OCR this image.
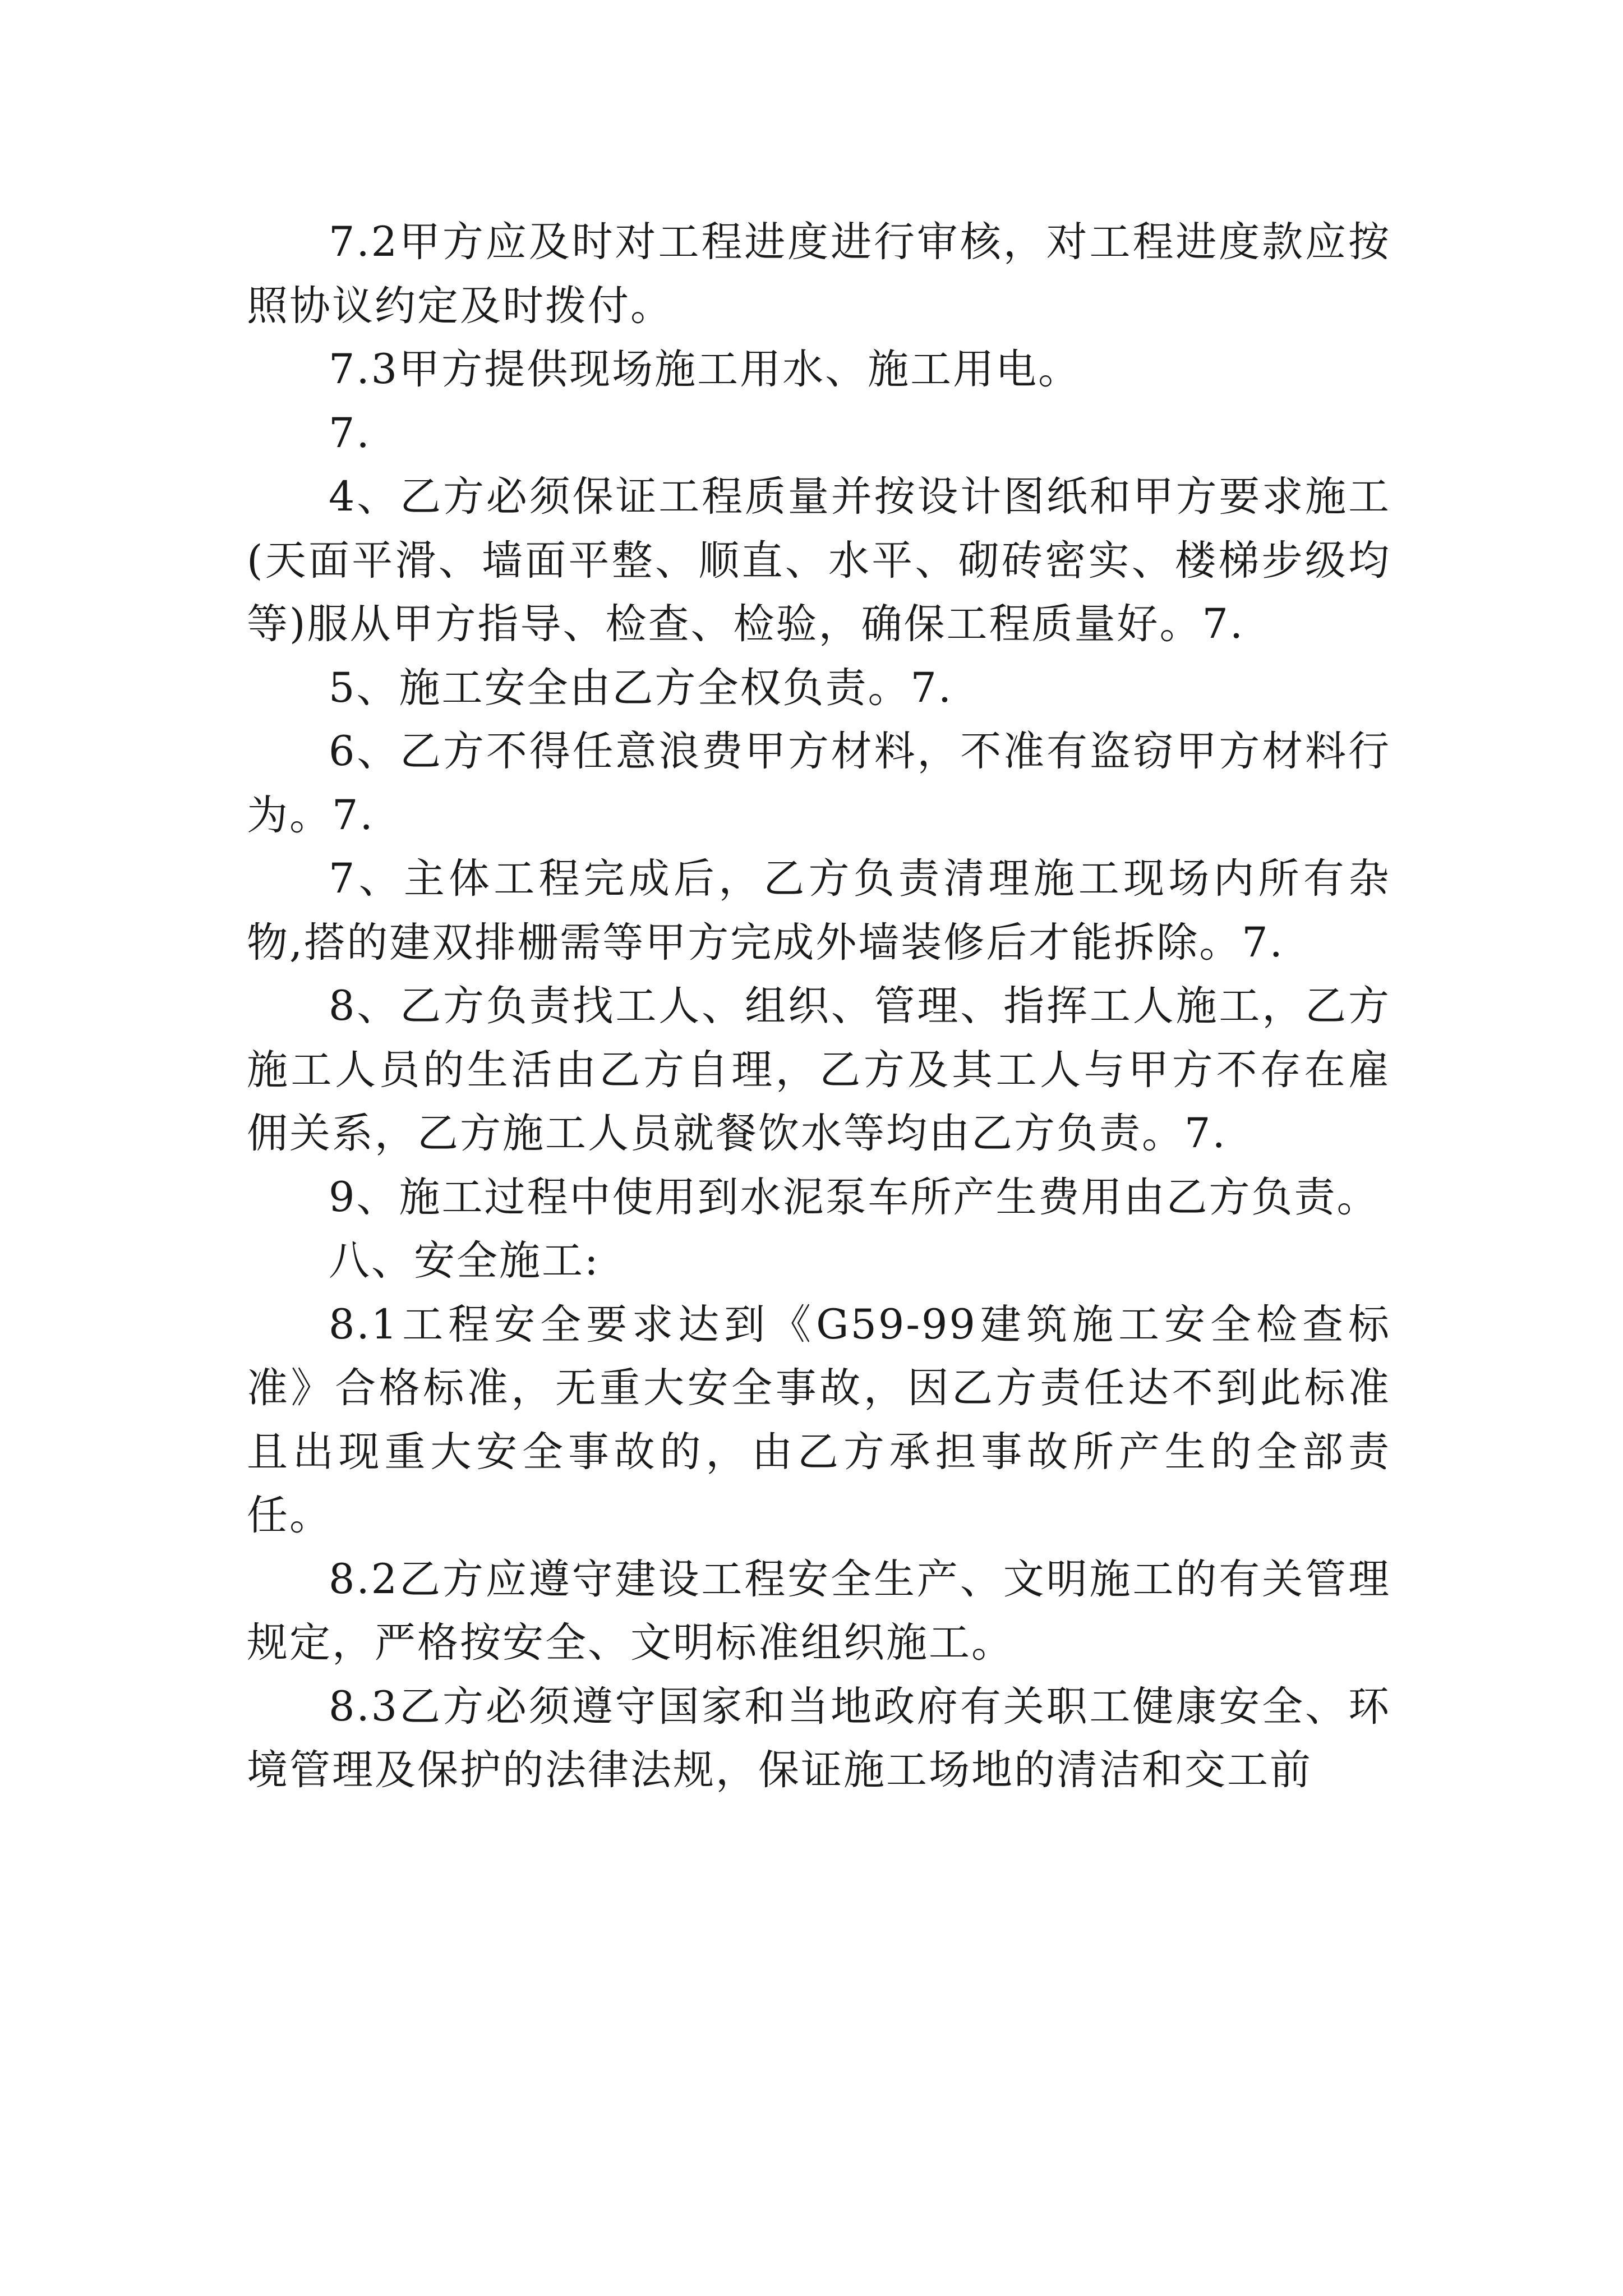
7.2甲方应及时对工程进度进行审核，对工程进度款应按照协议约定及时拨付。

7.3甲方提供现场施工用水、施工用电。

7.

4、乙方必须保证工程质量并按设计图纸和甲方要求施工(天面平滑、墙面平整、顺直、水平、砌砖密实、楼梯步级均等)服从甲方指导、检查、检验，确保工程质量好。7.

5、施工安全由乙方全权负责。7.

6、乙方不得任意浪费甲方材料，不准有盗窃甲方材料行为。7.

7、主体工程完成后，乙方负责清理施工现场内所有杂物,搭的建双排栅需等甲方完成外墙装修后才能拆除。7.

8、乙方负责找工人、组织、管理、指挥工人施工，乙方施工人员的生活由乙方自理，乙方及其工人与甲方不存在雇佣关系，乙方施工人员就餐饮水等均由乙方负责。7.

9、施工过程中使用到水泥泵车所产生费用由乙方负责。

八、安全施工:

8.1工程安全要求达到《G59-99建筑施工安全检查标准》合格标准，无重大安全事故，因乙方责任达不到此标准且出现重大安全事故的，由乙方承担事故所产生的全部责任。

8.2乙方应遵守建设工程安全生产、文明施工的有关管理规定，严格按安全、文明标准组织施工。

8.3乙方必须遵守国家和当地政府有关职工健康安全、环境管理及保护的法律法规，保证施工场地的清洁和交工前
